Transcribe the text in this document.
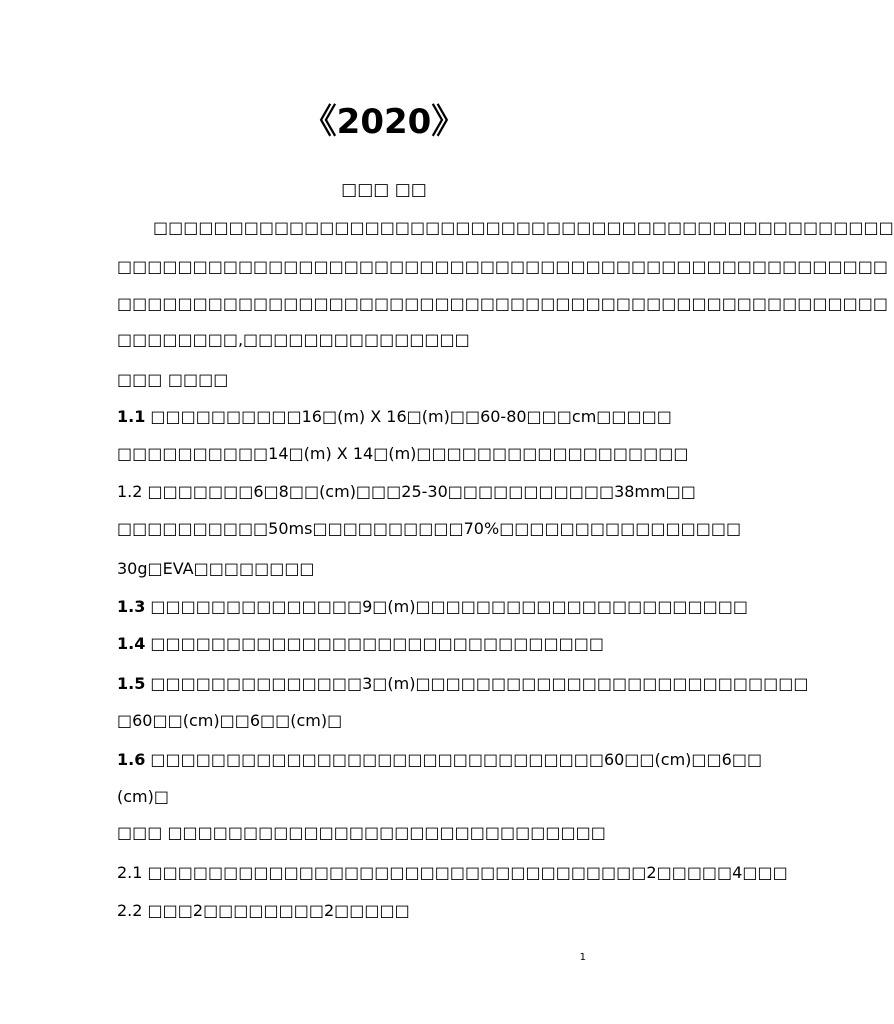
《2020》
□□□ □□
□□□□□□□□□□□□□□□□□□□□□□□□□□□□□□□□□□□□□□□□□□□□□□□□□
□□□□□□□□□□□□□□□□□□□□□□□□□□□□□□□□□□□□□□□□□□□□□□□□□□□
□□□□□□□□□□□□□□□□□□□□□□□□□□□□□□□□□□□□□□□□□□□□□□□□□□□
□□□□□□□□,□□□□□□□□□□□□□□□
□□□ □□□□
1.1 □□□□□□□□□□16□(m) X 16□(m)□□60-80□□□cm□□□□□
□□□□□□□□□□14□(m) X 14□(m)□□□□□□□□□□□□□□□□□□
1.2 □□□□□□□6□8□□(cm)□□□25-30□□□□□□□□□□□38mm□□
□□□□□□□□□□50ms□□□□□□□□□□70%□□□□□□□□□□□□□□□□
30g□EVA□□□□□□□□
1.3 □□□□□□□□□□□□□□9□(m)□□□□□□□□□□□□□□□□□□□□□□
1.4 □□□□□□□□□□□□□□□□□□□□□□□□□□□□□□
1.5 □□□□□□□□□□□□□□3□(m)□□□□□□□□□□□□□□□□□□□□□□□□□□
□60□□(cm)□□6□□(cm)□
1.6 □□□□□□□□□□□□□□□□□□□□□□□□□□□□□□60□□(cm)□□6□□
(cm)□
□□□ □□□□□□□□□□□□□□□□□□□□□□□□□□□□□
2.1 □□□□□□□□□□□□□□□□□□□□□□□□□□□□□□□□□2□□□□□4□□□
2.2 □□□2□□□□□□□□2□□□□□
1
